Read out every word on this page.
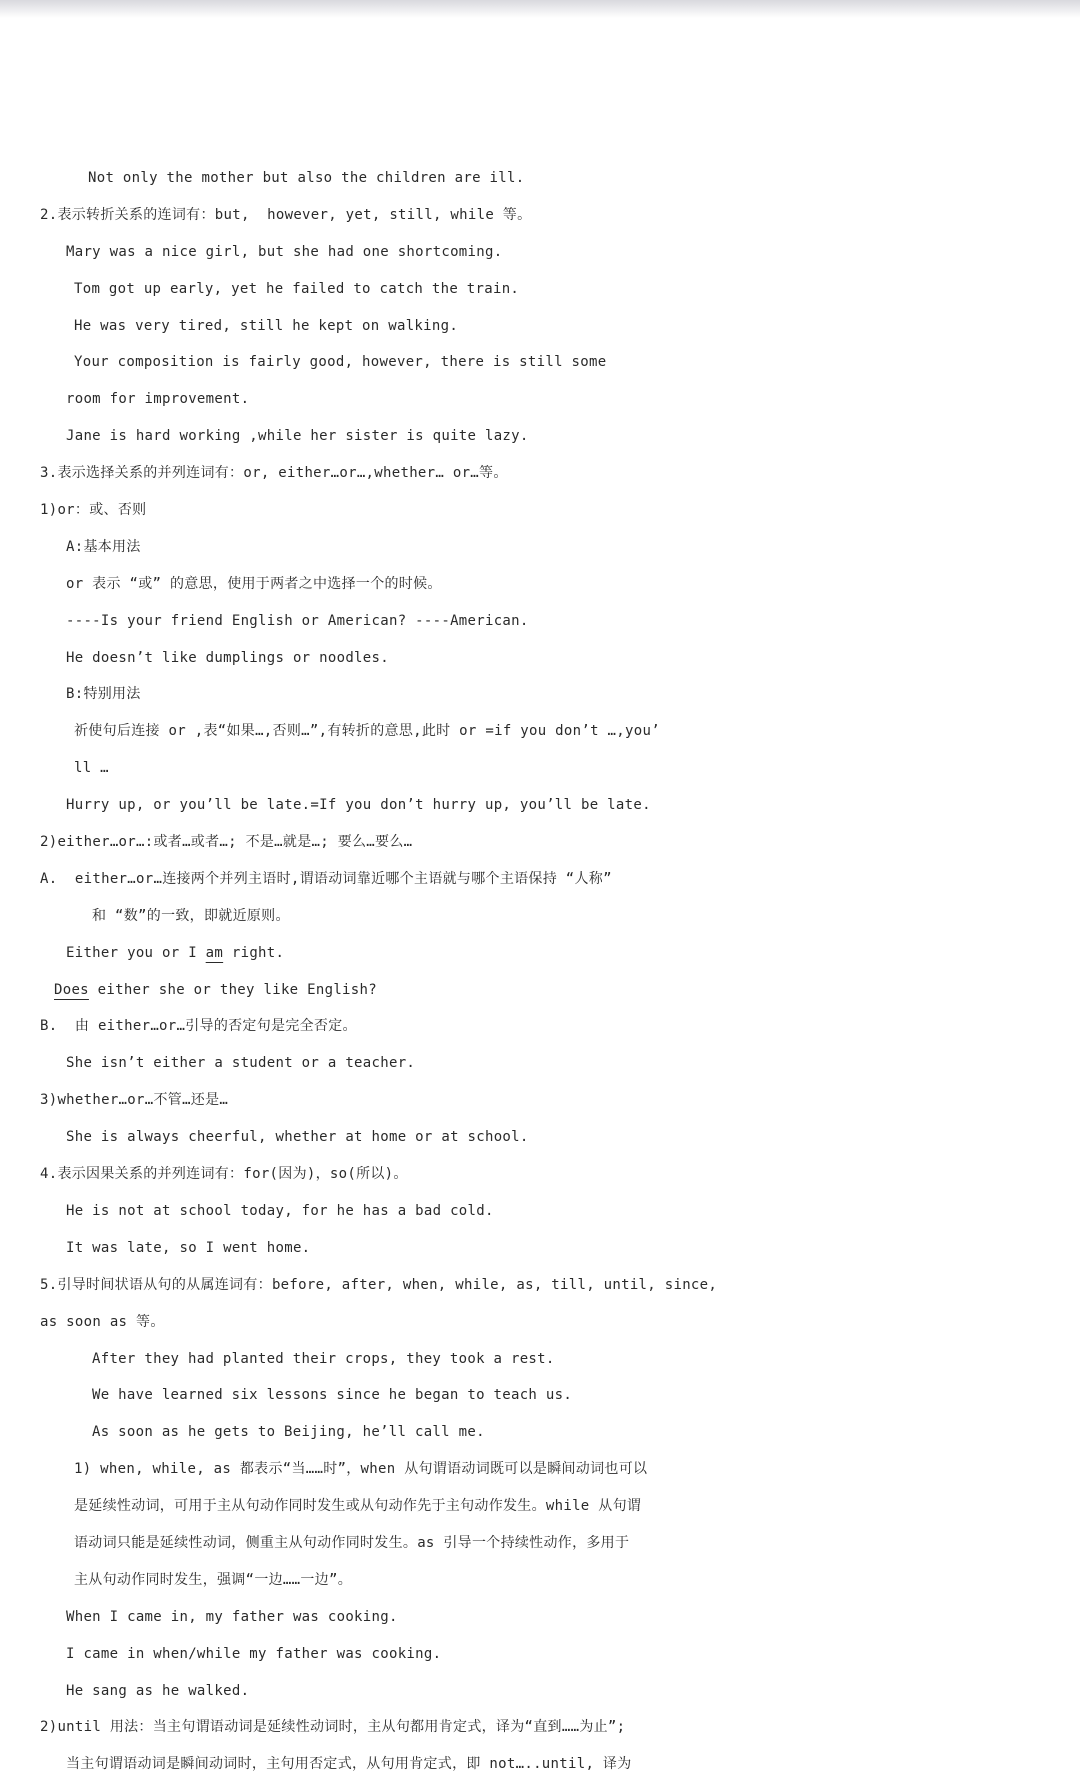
Not only the mother but also the children are ill.
2.表示转折关系的连词有：but,  however, yet, still, while 等。
Mary was a nice girl, but she had one shortcoming.
Tom got up early, yet he failed to catch the train.
He was very tired, still he kept on walking.
Your composition is fairly good, however, there is still some
room for improvement.
Jane is hard working ,while her sister is quite lazy.
3.表示选择关系的并列连词有：or, either…or…,whether… or…等。
1)or：或、否则
A:基本用法
or 表示 “或” 的意思，使用于两者之中选择一个的时候。
----Is your friend English or American? ----American.
He doesn’t like dumplings or noodles.
B:特别用法
祈使句后连接 or ,表“如果…,否则…”,有转折的意思,此时 or =if you don’t …,you’
ll …
Hurry up, or you’ll be late.=If you don’t hurry up, you’ll be late.
2)either…or…:或者…或者…; 不是…就是…; 要么…要么…
A.  either…or…连接两个并列主语时,谓语动词靠近哪个主语就与哪个主语保持 “人称”
和 “数”的一致，即就近原则。
Either you or I am right.
Does either she or they like English?
B.  由 either…or…引导的否定句是完全否定。
She isn’t either a student or a teacher.
3)whether…or…不管…还是…
She is always cheerful, whether at home or at school.
4.表示因果关系的并列连词有：for(因为)，so(所以)。
He is not at school today, for he has a bad cold.
It was late, so I went home.
5.引导时间状语从句的从属连词有：before, after, when, while, as, till, until, since,
as soon as 等。
After they had planted their crops, they took a rest.
We have learned six lessons since he began to teach us.
As soon as he gets to Beijing, he’ll call me.
1) when, while, as 都表示“当……时”，when 从句谓语动词既可以是瞬间动词也可以
是延续性动词，可用于主从句动作同时发生或从句动作先于主句动作发生。while 从句谓
语动词只能是延续性动词，侧重主从句动作同时发生。as 引导一个持续性动作，多用于
主从句动作同时发生，强调“一边……一边”。
When I came in, my father was cooking.
I came in when/while my father was cooking.
He sang as he walked.
2)until 用法：当主句谓语动词是延续性动词时，主从句都用肯定式，译为“直到……为止”;
当主句谓语动词是瞬间动词时，主句用否定式，从句用肯定式，即 not…..until, 译为
